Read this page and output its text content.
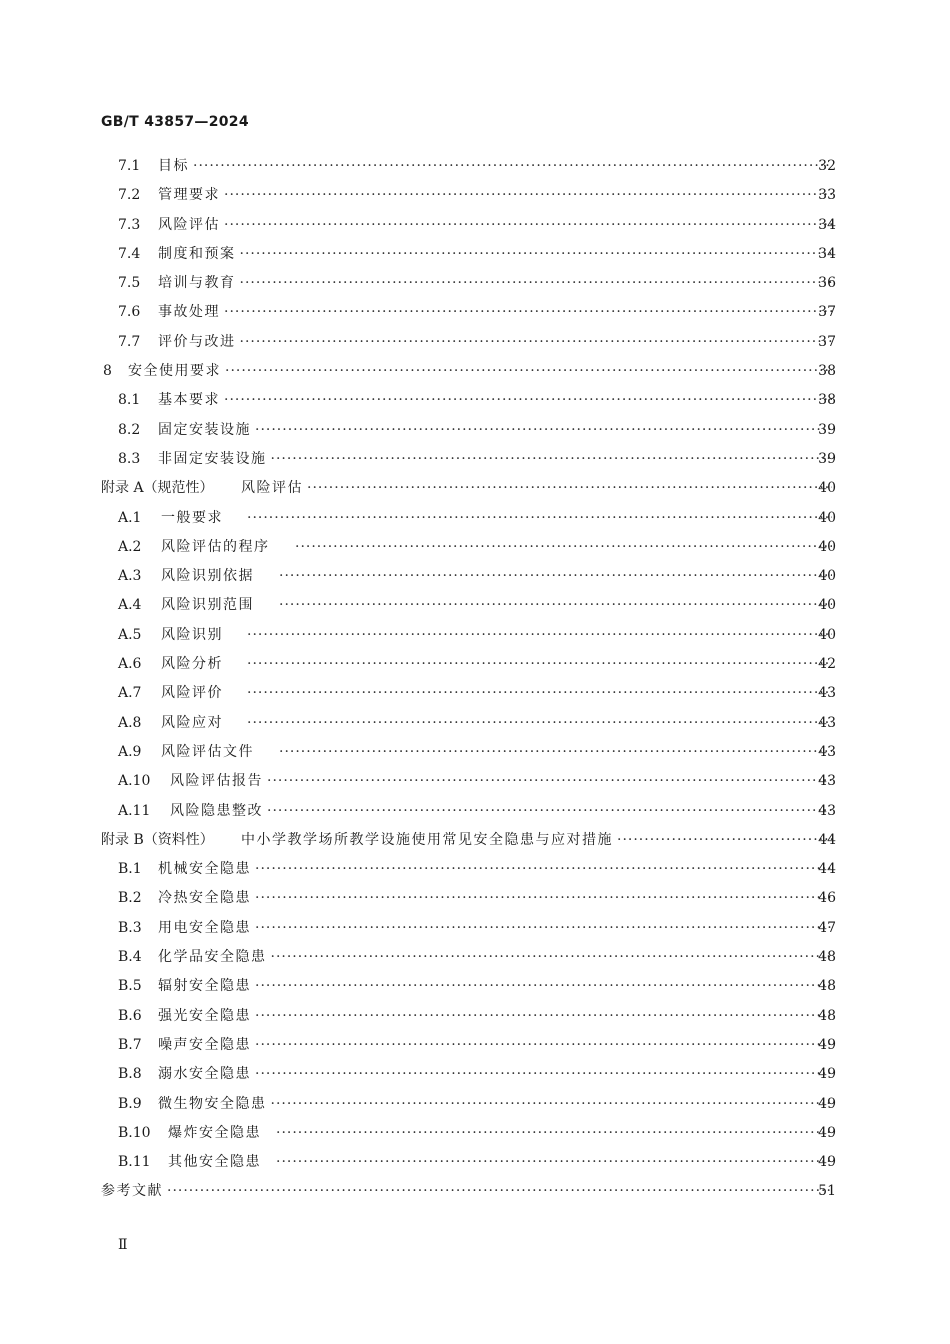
GB/T 43857—2024
7.1	目标 ·····	32
7.2	管理要求 ·····	33
7.3	风险评估 ·····	34
7.4	制度和预案 ·····	34
7.5	培训与教育 ·····	36
7.6	事故处理 ·····	37
7.7	评价与改进 ·····	37
8	安全使用要求 ·····	38
8.1	基本要求 ·····	38
8.2	固定安装设施 ·····	39
8.3	非固定安装设施 ·····	39
附录 A（规范性）	风险评估 ·····	40
A.1	一般要求 ·····	40
A.2	风险评估的程序 ·····	40
A.3	风险识别依据 ·····	40
A.4	风险识别范围 ·····	40
A.5	风险识别 ·····	40
A.6	风险分析 ·····	42
A.7	风险评价 ·····	43
A.8	风险应对 ·····	43
A.9	风险评估文件 ·····	43
A.10	风险评估报告 ·····	43
A.11	风险隐患整改 ·····	43
附录 B（资料性）	中小学教学场所教学设施使用常见安全隐患与应对措施 ·····	44
B.1	机械安全隐患 ·····	44
B.2	冷热安全隐患 ·····	46
B.3	用电安全隐患 ·····	47
B.4	化学品安全隐患 ·····	48
B.5	辐射安全隐患 ·····	48
B.6	强光安全隐患 ·····	48
B.7	噪声安全隐患 ·····	49
B.8	溺水安全隐患 ·····	49
B.9	微生物安全隐患 ·····	49
B.10	爆炸安全隐患 ·····	49
B.11	其他安全隐患 ·····	49
参考文献 ·····	51
Ⅱ
